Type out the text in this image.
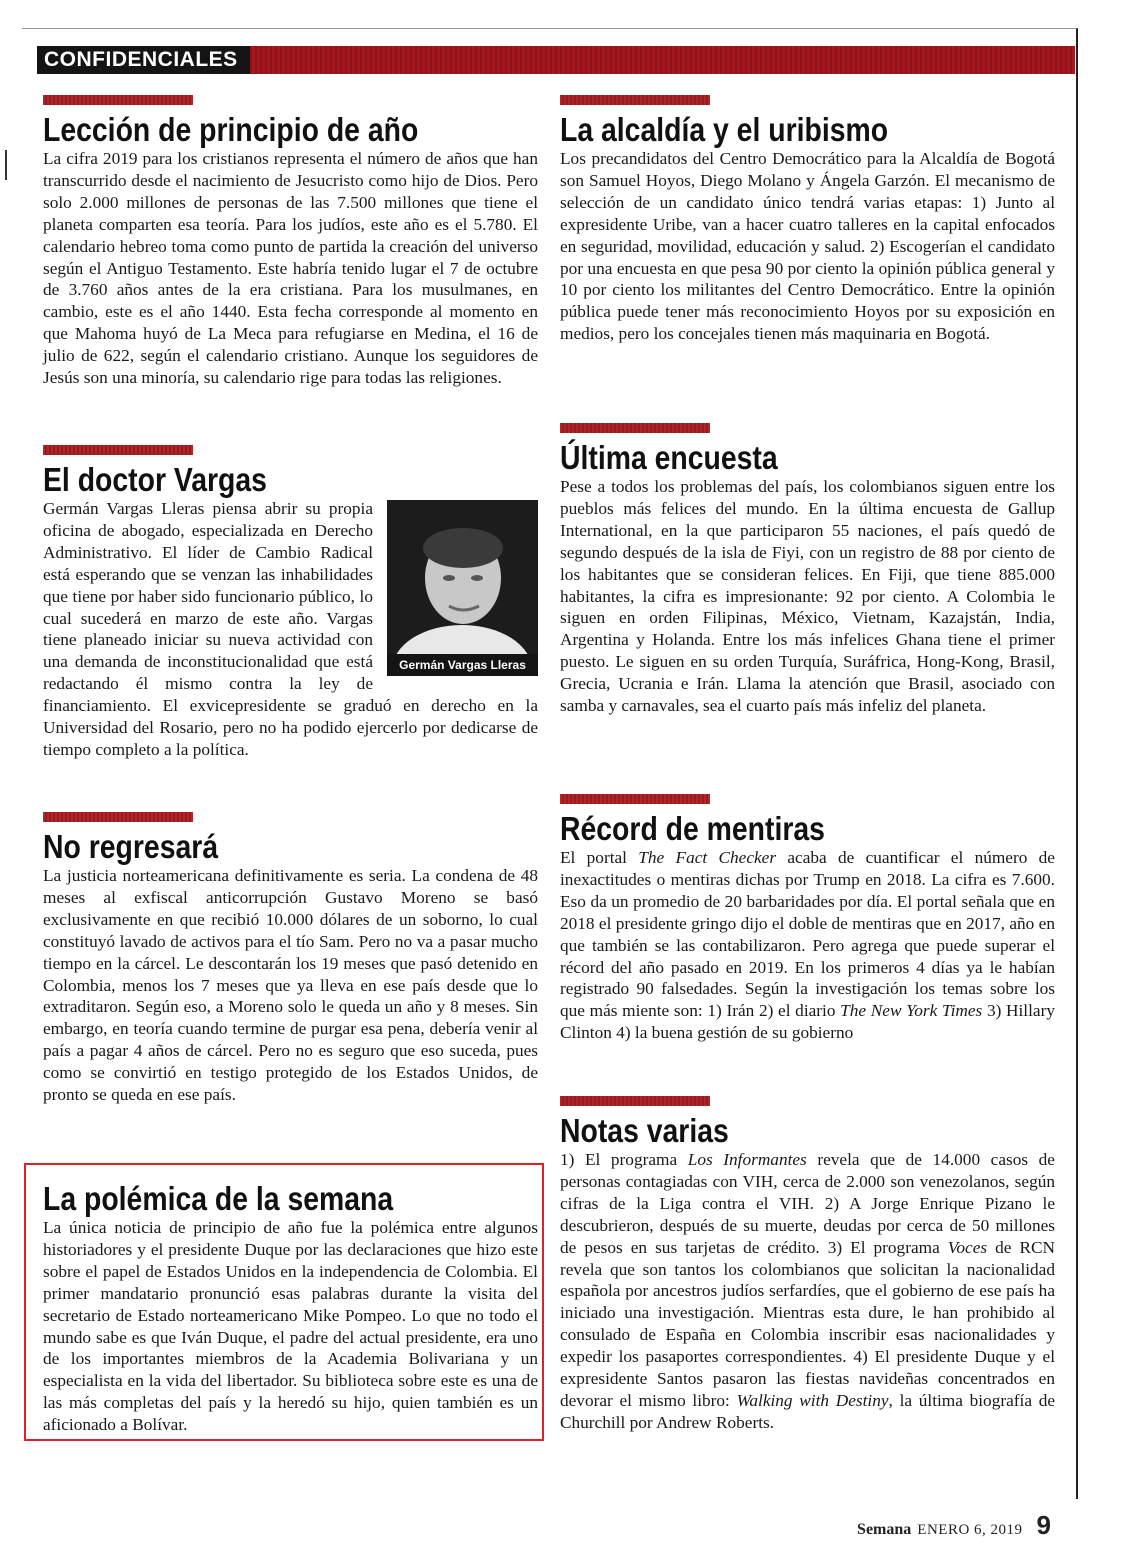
CONFIDENCIALES
Lección de principio de año

La cifra 2019 para los cristianos representa el número de años que han transcurrido desde el nacimiento de Jesucristo como hijo de Dios. Pero solo 2.000 millones de personas de las 7.500 millones que tiene el planeta comparten esa teoría. Para los judíos, este año es el 5.780. El calendario hebreo toma como punto de partida la creación del universo según el Antiguo Testamento. Este habría tenido lugar el 7 de octubre de 3.760 años antes de la era cristiana. Para los musulmanes, en cambio, este es el año 1440. Esta fecha corresponde al momento en que Mahoma huyó de La Meca para refugiarse en Medina, el 16 de julio de 622, según el calendario cristiano. Aunque los seguidores de Jesús son una minoría, su calendario rige para todas las religiones.

El doctor Vargas
Germán Vargas Lleras

Germán Vargas Lleras piensa abrir su propia oficina de abogado, especializada en Derecho Administrativo. El líder de Cambio Radical está esperando que se venzan las inhabilidades que tiene por haber sido funcionario público, lo cual sucederá en marzo de este año. Vargas tiene planeado iniciar su nueva actividad con una demanda de inconstitucionalidad que está redactando él mismo contra la ley de financiamiento. El exvicepresidente se graduó en derecho en la Universidad del Rosario, pero no ha podido ejercerlo por dedicarse de tiempo completo a la política.

No regresará

La justicia norteamericana definitivamente es seria. La condena de 48 meses al exfiscal anticorrupción Gustavo Moreno se basó exclusivamente en que recibió 10.000 dólares de un soborno, lo cual constituyó lavado de activos para el tío Sam. Pero no va a pasar mucho tiempo en la cárcel. Le descontarán los 19 meses que pasó detenido en Colombia, menos los 7 meses que ya lleva en ese país desde que lo extraditaron. Según eso, a Moreno solo le queda un año y 8 meses. Sin embargo, en teoría cuando termine de purgar esa pena, debería venir al país a pagar 4 años de cárcel. Pero no es seguro que eso suceda, pues como se convirtió en testigo protegido de los Estados Unidos, de pronto se queda en ese país.

La polémica de la semana

La única noticia de principio de año fue la polémica entre algunos historiadores y el presidente Duque por las declaraciones que hizo este sobre el papel de Estados Unidos en la independencia de Colombia. El primer mandatario pronunció esas palabras durante la visita del secretario de Estado norteamericano Mike Pompeo. Lo que no todo el mundo sabe es que Iván Duque, el padre del actual presidente, era uno de los importantes miembros de la Academia Bolivariana y un especialista en la vida del libertador. Su biblioteca sobre este es una de las más completas del país y la heredó su hijo, quien también es un aficionado a Bolívar.

La alcaldía y el uribismo

Los precandidatos del Centro Democrático para la Alcaldía de Bogotá son Samuel Hoyos, Diego Molano y Ángela Garzón. El mecanismo de selección de un candidato único tendrá varias etapas: 1) Junto al expresidente Uribe, van a hacer cuatro talleres en la capital enfocados en seguridad, movilidad, educación y salud. 2) Escogerían el candidato por una encuesta en que pesa 90 por ciento la opinión pública general y 10 por ciento los militantes del Centro Democrático. Entre la opinión pública puede tener más reconocimiento Hoyos por su exposición en medios, pero los concejales tienen más maquinaria en Bogotá.

Última encuesta

Pese a todos los problemas del país, los colombianos siguen entre los pueblos más felices del mundo. En la última encuesta de Gallup International, en la que participaron 55 naciones, el país quedó de segundo después de la isla de Fiyi, con un registro de 88 por ciento de los habitantes que se consideran felices. En Fiji, que tiene 885.000 habitantes, la cifra es impresionante: 92 por ciento. A Colombia le siguen en orden Filipinas, México, Vietnam, Kazajstán, India, Argentina y Holanda. Entre los más infelices Ghana tiene el primer puesto. Le siguen en su orden Turquía, Suráfrica, Hong-Kong, Brasil, Grecia, Ucrania e Irán. Llama la atención que Brasil, asociado con samba y carnavales, sea el cuarto país más infeliz del planeta.

Récord de mentiras

El portal The Fact Checker acaba de cuantificar el número de inexactitudes o mentiras dichas por Trump en 2018. La cifra es 7.600. Eso da un promedio de 20 barbaridades por día. El portal señala que en 2018 el presidente gringo dijo el doble de mentiras que en 2017, año en que también se las contabilizaron. Pero agrega que puede superar el récord del año pasado en 2019. En los primeros 4 días ya le habían registrado 90 falsedades. Según la investigación los temas sobre los que más miente son: 1) Irán 2) el diario The New York Times 3) Hillary Clinton 4) la buena gestión de su gobierno

Notas varias

1) El programa Los Informantes revela que de 14.000 casos de personas contagiadas con VIH, cerca de 2.000 son venezolanos, según cifras de la Liga contra el VIH. 2) A Jorge Enrique Pizano le descubrieron, después de su muerte, deudas por cerca de 50 millones de pesos en sus tarjetas de crédito. 3) El programa Voces de RCN revela que son tantos los colombianos que solicitan la nacionalidad española por ancestros judíos serfardíes, que el gobierno de ese país ha iniciado una investigación. Mientras esta dure, le han prohibido al consulado de España en Colombia inscribir esas nacionalidades y expedir los pasaportes correspondientes. 4) El presidente Duque y el expresidente Santos pasaron las fiestas navideñas concentrados en devorar el mismo libro: Walking with Destiny, la última biografía de Churchill por Andrew Roberts.

Semana ENERO 6, 2019 9
